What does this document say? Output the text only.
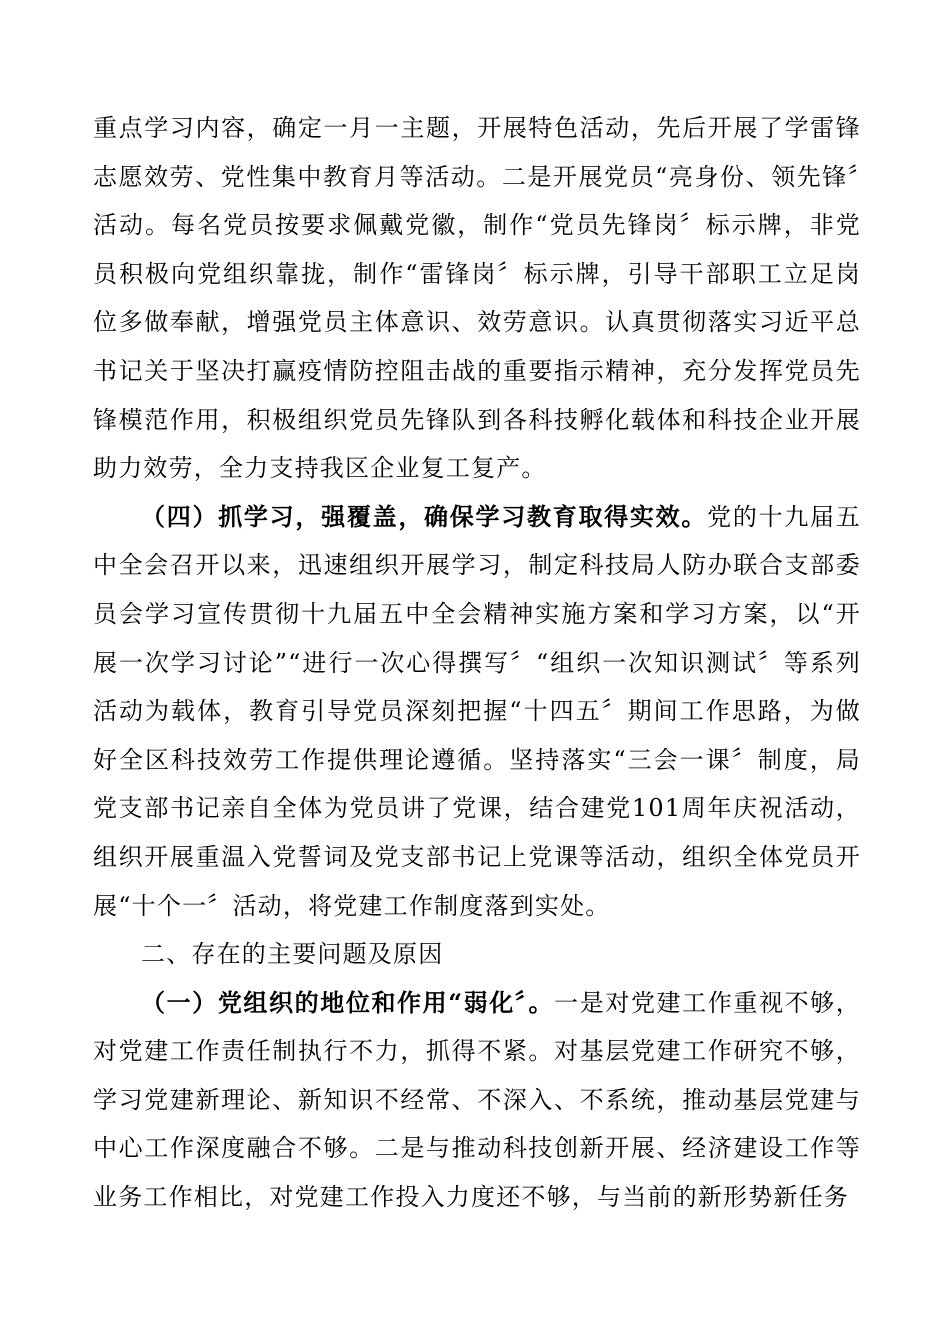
重点学习内容，确定一月一主题，开展特色活动，先后开展了学雷锋志愿效劳、党性集中教育月等活动。二是开展党员“亮身份、领先锋〞活动。每名党员按要求佩戴党徽，制作“党员先锋岗〞标示牌，非党员积极向党组织靠拢，制作“雷锋岗〞标示牌，引导干部职工立足岗位多做奉献，增强党员主体意识、效劳意识。认真贯彻落实习近平总书记关于坚决打赢疫情防控阻击战的重要指示精神，充分发挥党员先锋模范作用，积极组织党员先锋队到各科技孵化载体和科技企业开展助力效劳，全力支持我区企业复工复产。

（四）抓学习，强覆盖，确保学习教育取得实效。党的十九届五中全会召开以来，迅速组织开展学习，制定科技局人防办联合支部委员会学习宣传贯彻十九届五中全会精神实施方案和学习方案，以“开展一次学习讨论”“进行一次心得撰写〞“组织一次知识测试〞等系列活动为载体，教育引导党员深刻把握“十四五〞期间工作思路，为做好全区科技效劳工作提供理论遵循。坚持落实“三会一课〞制度，局党支部书记亲自全体为党员讲了党课，结合建党101周年庆祝活动，组织开展重温入党誓词及党支部书记上党课等活动，组织全体党员开展“十个一〞活动，将党建工作制度落到实处。

二、存在的主要问题及原因

（一）党组织的地位和作用“弱化〞。一是对党建工作重视不够，对党建工作责任制执行不力，抓得不紧。对基层党建工作研究不够，学习党建新理论、新知识不经常、不深入、不系统，推动基层党建与中心工作深度融合不够。二是与推动科技创新开展、经济建设工作等业务工作相比，对党建工作投入力度还不够，与当前的新形势新任务
